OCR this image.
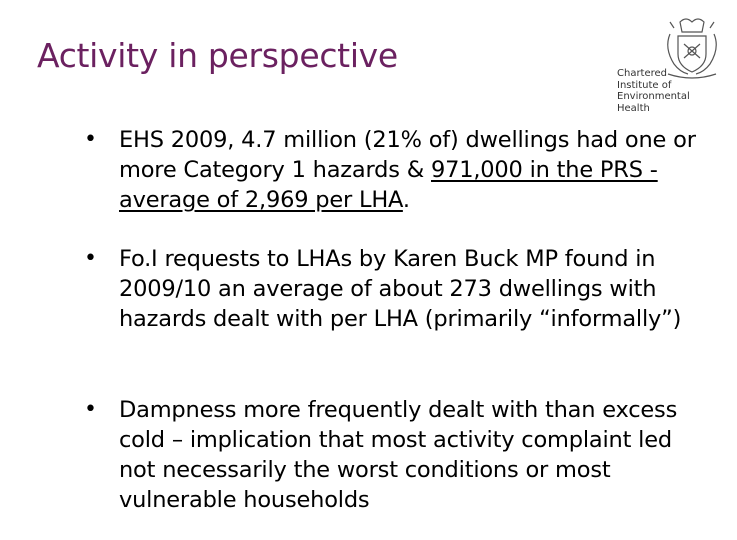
Activity in perspective	Chartered
Institute of
Environmental
Health
• EHS 2009, 4.7 million (21% of) dwellings had one or more Category 1 hazards & 971,000 in the PRS - average of 2,969 per LHA.
• Fo.I requests to LHAs by Karen Buck MP found in 2009/10 an average of about 273 dwellings with hazards dealt with per LHA (primarily “informally”)
• Dampness more frequently dealt with than excess cold – implication that most activity complaint led not necessarily the worst conditions or most vulnerable households
